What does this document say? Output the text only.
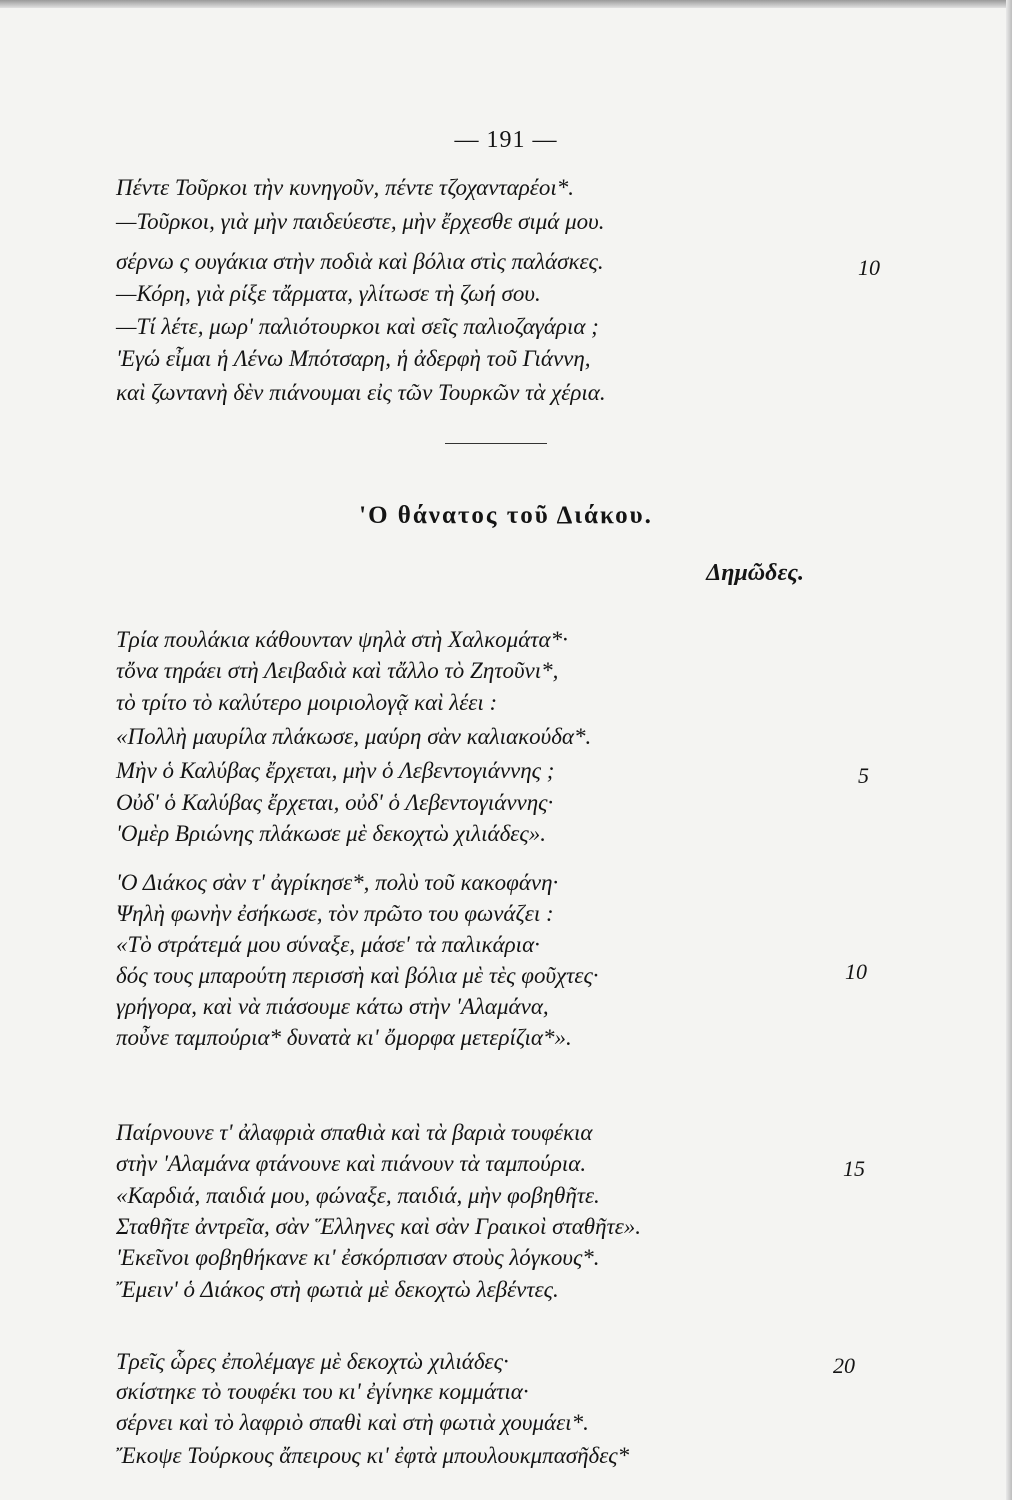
— 191 —
Πέντε Τοῦρκοι τὴν κυνηγοῦν, πέντε τζοχανταρέοι*.
—Τοῦρκοι, γιὰ μὴν παιδεύεστε, μὴν ἔρχεσθε σιμά μου.
σέρνω ς ουγάκια στὴν ποδιὰ καὶ βόλια στὶς παλάσκες.	10
—Κόρη, γιὰ ρίξε τἄρματα, γλίτωσε τὴ ζωή σου.
—Τί λέτε, μωρ' παλιότουρκοι καὶ σεῖς παλιοζαγάρια ;
'Εγώ εἶμαι ἡ Λένω Μπότσαρη, ἡ ἀδερφὴ τοῦ Γιάννη,
καὶ ζωντανὴ δὲν πιάνουμαι εἰς τῶν Τουρκῶν τὰ χέρια.
'Ο θάνατος τοῦ Διάκου.
Δημῶδες.
Τρία πουλάκια κάθουνταν ψηλὰ στὴ Χαλκομάτα*·
τὄνα τηράει στὴ Λειβαδιὰ καὶ τἄλλο τὸ Ζητοῦνι*,
τὸ τρίτο τὸ καλύτερο μοιριολογᾷ καὶ λέει :
«Πολλὴ μαυρίλα πλάκωσε, μαύρη σὰν καλιακούδα*.
Μὴν ὁ Καλύβας ἔρχεται, μὴν ὁ Λεβεντογιάννης ;	5
Οὐδ' ὁ Καλύβας ἔρχεται, οὐδ' ὁ Λεβεντογιάννης·
'Ομὲρ Βριώνης πλάκωσε μὲ δεκοχτὼ χιλιάδες».
'Ο Διάκος σὰν τ' ἀγρίκησε*, πολὺ τοῦ κακοφάνη·
Ψηλὴ φωνὴν ἐσήκωσε, τὸν πρῶτο του φωνάζει :
«Τὸ στράτεμά μου σύναξε, μάσε' τὰ παλικάρια·
10
δός τους μπαρούτη περισσὴ καὶ βόλια μὲ τὲς φοῦχτες·
γρήγορα, καὶ νὰ πιάσουμε κάτω στὴν 'Αλαμάνα,
ποὖνε ταμπούρια* δυνατὰ κι' ὄμορφα μετερίζια*».
Παίρνουνε τ' ἀλαφριὰ σπαθιὰ καὶ τὰ βαριὰ τουφέκια
στὴν 'Αλαμάνα φτάνουνε καὶ πιάνουν τὰ ταμπούρια.	15
«Καρδιά, παιδιά μου, φώναξε, παιδιά, μὴν φοβηθῆτε.
Σταθῆτε ἀντρεῖα, σὰν Ἕλληνες καὶ σὰν Γραικοὶ σταθῆτε».
'Εκεῖνοι φοβηθήκανε κι' ἐσκόρπισαν στοὺς λόγκους*.
Ἔμειν' ὁ Διάκος στὴ φωτιὰ μὲ δεκοχτὼ λεβέντες.
Τρεῖς ὧρες ἐπολέμαγε μὲ δεκοχτὼ χιλιάδες·	20
σκίστηκε τὸ τουφέκι του κι' ἐγίνηκε κομμάτια·
σέρνει καὶ τὸ λαφριὸ σπαθὶ καὶ στὴ φωτιὰ χουμάει*.
Ἔκοψε Τούρκους ἄπειρους κι' ἐφτὰ μπουλουκμπασῆδες*
